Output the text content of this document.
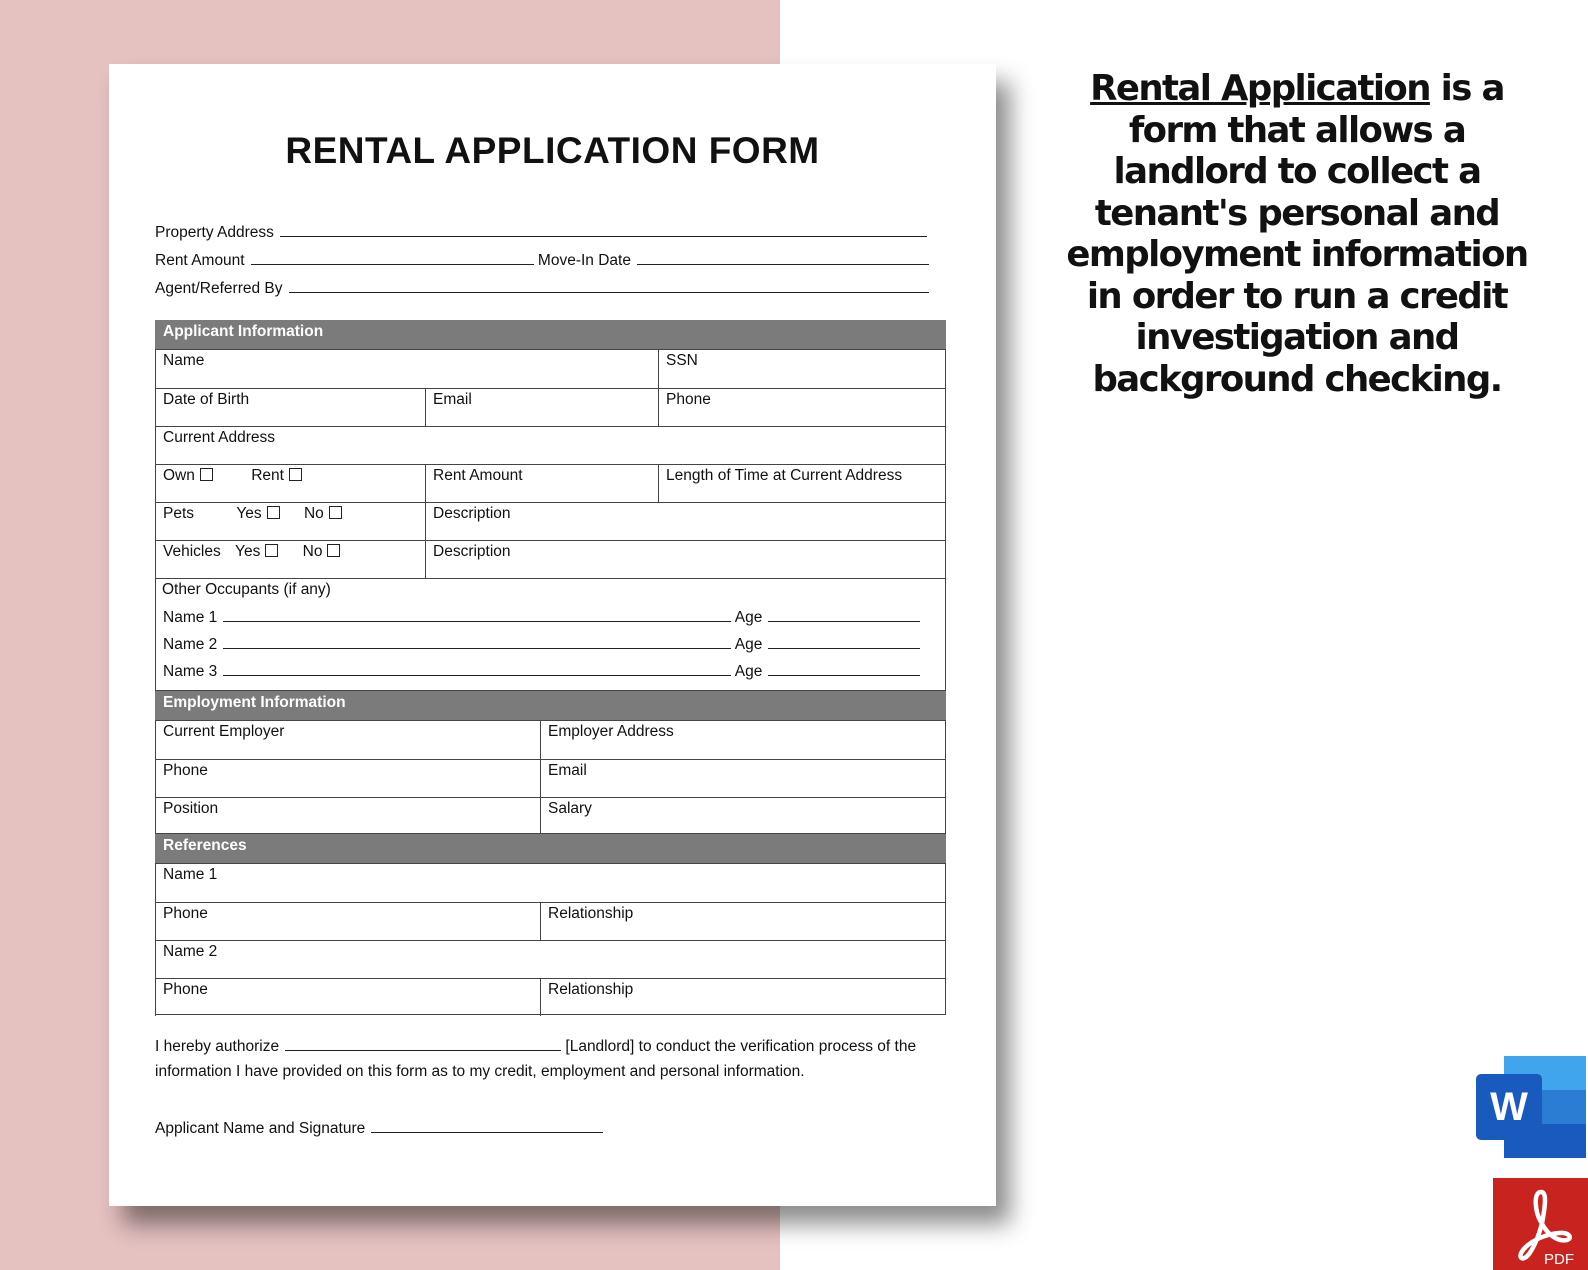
RENTAL APPLICATION FORM
Property Address
Rent Amount	Move-In Date
Agent/Referred By
Applicant Information
Name	SSN
Date of Birth	Email	Phone
Current Address
Own	Rent	Rent Amount	Length of Time at Current Address
Pets	Yes	No	Description
Vehicles Yes	No	Description
Other Occupants (if any)
Name 1	Age
Name 2	Age
Name 3	Age
Employment Information
Current Employer	Employer Address
Phone	Email
Position	Salary
References
Name 1
Phone	Relationship
Name 2
Phone	Relationship
I hereby authorize	[Landlord] to conduct the verification process of the
information I have provided on this form as to my credit, employment and personal information.
Applicant Name and Signature
Rental Application is a form that allows a landlord to collect a tenant's personal and employment information in order to run a credit investigation and background checking.
W
PDF
